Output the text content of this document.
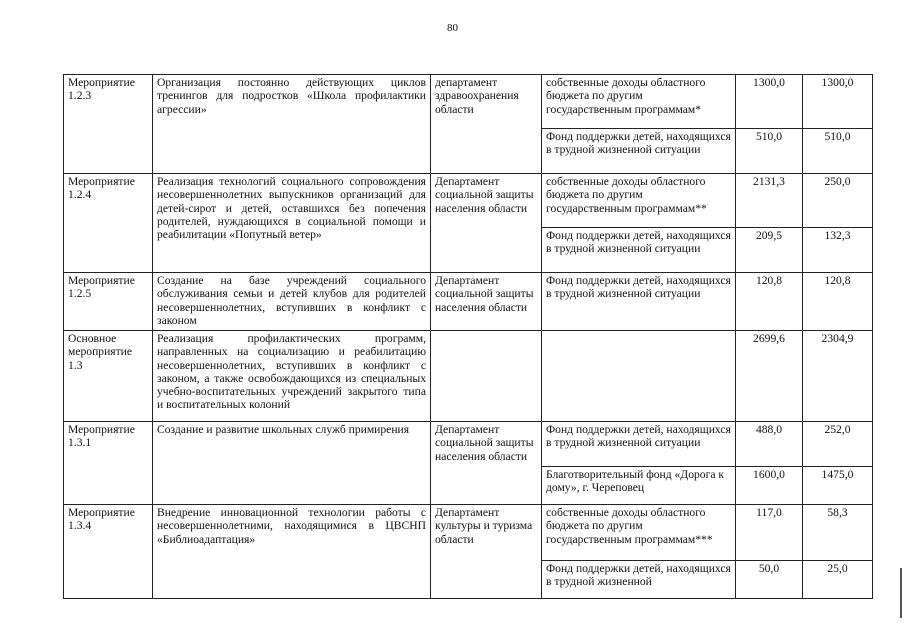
80
Мероприятие 1.2.3	Организация постоянно действующих циклов тренингов для подростков «Школа профилактики агрессии»	департамент здравоохранения области	собственные доходы областного бюджета по другим государственным программам*	1300,0	1300,0
			Фонд поддержки детей, находящихся в трудной жизненной ситуации	510,0	510,0
Мероприятие 1.2.4	Реализация технологий социального сопровождения несовершеннолетних выпускников организаций для детей-сирот и детей, оставшихся без попечения родителей, нуждающихся в социальной помощи и реабилитации «Попутный ветер»	Департамент социальной защиты населения области	собственные доходы областного бюджета по другим государственным программам**	2131,3	250,0
			Фонд поддержки детей, находящихся в трудной жизненной ситуации	209,5	132,3
Мероприятие 1.2.5	Создание на базе учреждений социального обслуживания семьи и детей клубов для родителей несовершеннолетних, вступивших в конфликт с законом	Департамент социальной защиты населения области	Фонд поддержки детей, находящихся в трудной жизненной ситуации	120,8	120,8
Основное мероприятие 1.3	Реализация профилактических программ, направленных на социализацию и реабилитацию несовершеннолетних, вступивших в конфликт с законом, а также освобождающихся из специальных учебно-воспитательных учреждений закрытого типа и воспитательных колоний			2699,6	2304,9
Мероприятие 1.3.1	Создание и развитие школьных служб примирения	Департамент социальной защиты населения области	Фонд поддержки детей, находящихся в трудной жизненной ситуации	488,0	252,0
			Благотворительный фонд «Дорога к дому», г. Череповец	1600,0	1475,0
Мероприятие 1.3.4	Внедрение инновационной технологии работы с несовершеннолетними, находящимися в ЦВСНП «Библиоадаптация»	Департамент культуры и туризма области	собственные доходы областного бюджета по другим государственным программам***	117,0	58,3
			Фонд поддержки детей, находящихся в трудной жизненной	50,0	25,0
